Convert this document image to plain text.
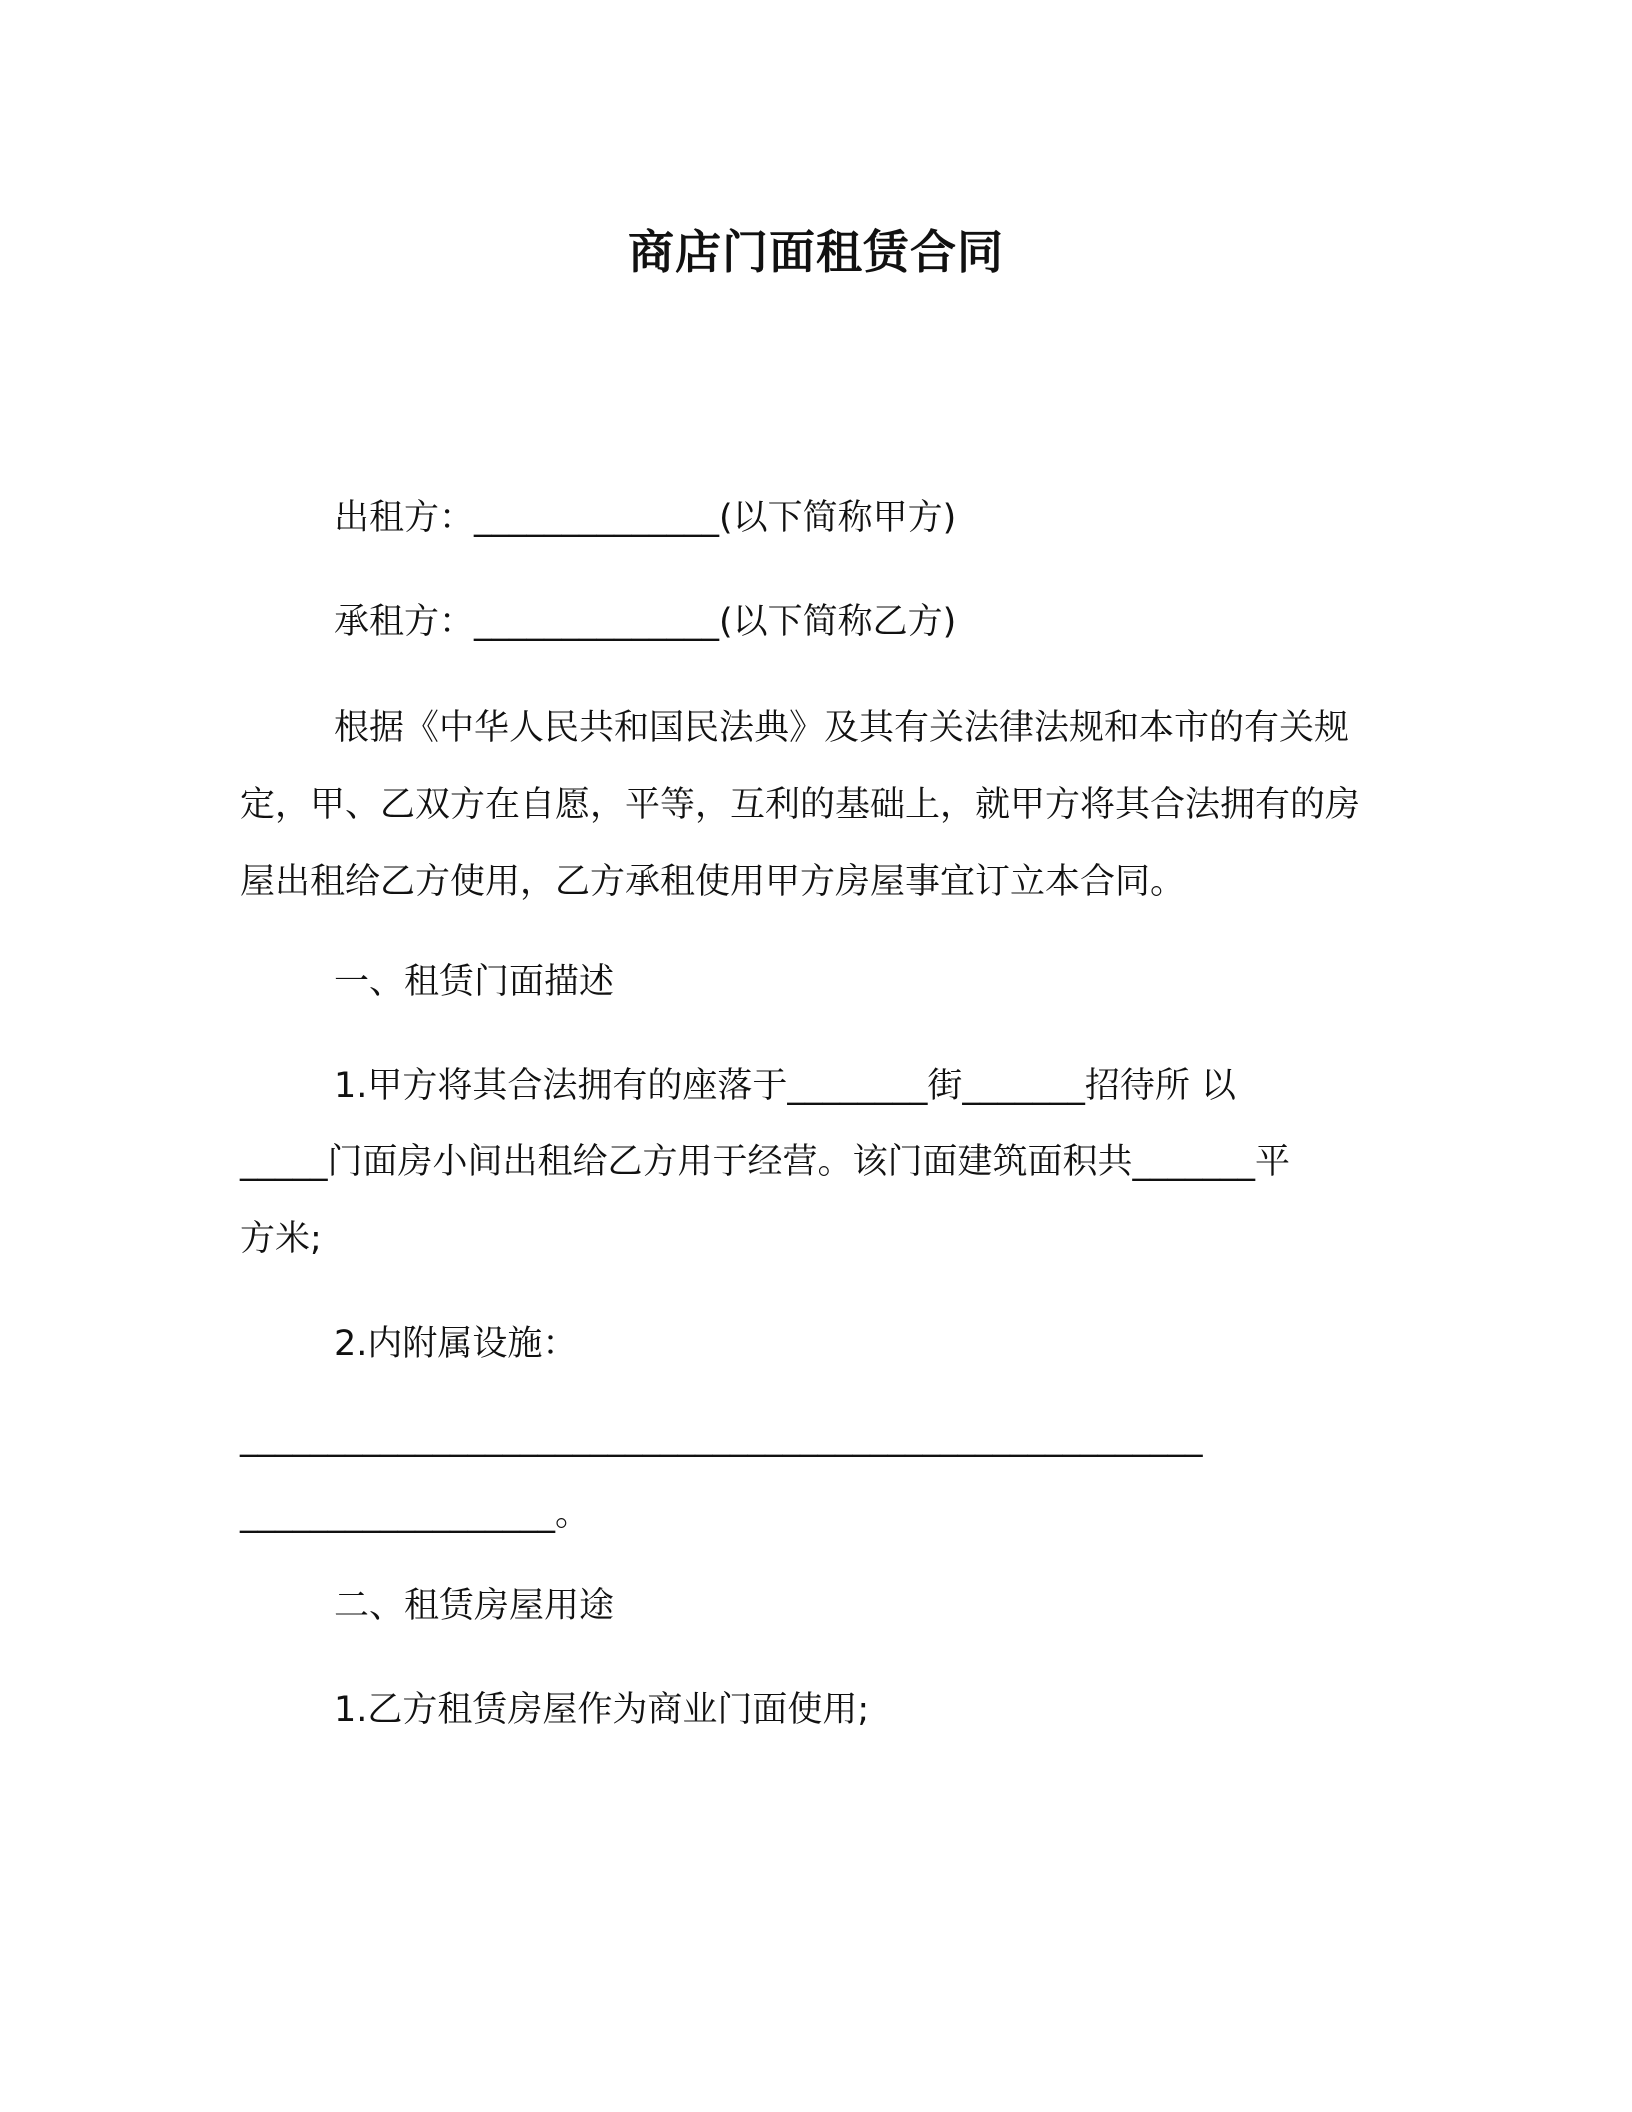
商店门面租赁合同

出租方：______________(以下简称甲方)

承租方：______________(以下简称乙方)

根据《中华人民共和国民法典》及其有关法律法规和本市的有关规定，甲、乙双方在自愿，平等，互利的基础上，就甲方将其合法拥有的房屋出租给乙方使用，乙方承租使用甲方房屋事宜订立本合同。

一、租赁门面描述

1.甲方将其合法拥有的座落于________街_______招待所 以

_____门面房小间出租给乙方用于经营。该门面建筑面积共_______平

方米;

2.内附属设施：

_______________________________________________________

__________________。

二、租赁房屋用途

1.乙方租赁房屋作为商业门面使用;
